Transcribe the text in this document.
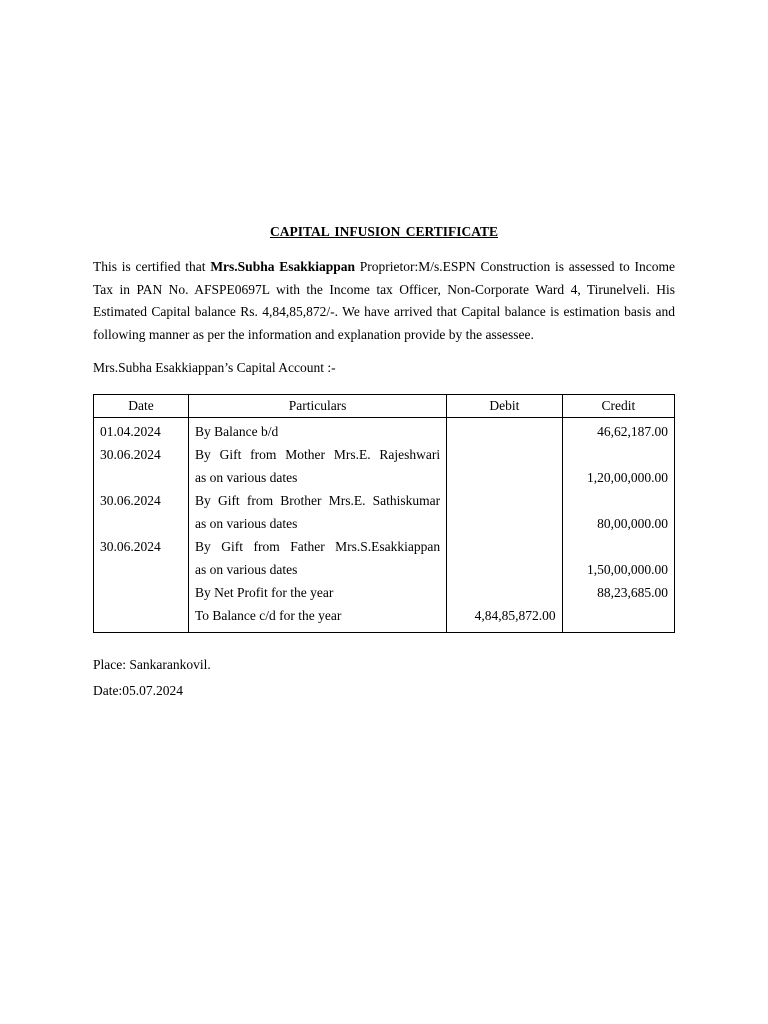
CAPITAL INFUSION CERTIFICATE
This is certified that Mrs.Subha Esakkiappan Proprietor:M/s.ESPN Construction is assessed to Income Tax in PAN No. AFSPE0697L with the Income tax Officer, Non-Corporate Ward 4, Tirunelveli. His Estimated Capital balance Rs. 4,84,85,872/-. We have arrived that Capital balance is estimation basis and following manner as per the information and explanation provide by the assessee.
Mrs.Subha Esakkiappan’s Capital Account :-
Date	Particulars	Debit	Credit
01.04.2024	By Balance b/d		46,62,187.00
30.06.2024	By Gift from Mother Mrs.E. Rajeshwari		

	as on various dates		1,20,00,000.00
30.06.2024	By Gift from Brother Mrs.E. Sathiskumar		

	as on various dates		80,00,000.00
30.06.2024	By Gift from Father Mrs.S.Esakkiappan		

	as on various dates		1,50,00,000.00
	By Net Profit for the year		88,23,685.00
	To Balance c/d for the year	4,84,85,872.00	
Place: Sankarankovil.
Date:05.07.2024
